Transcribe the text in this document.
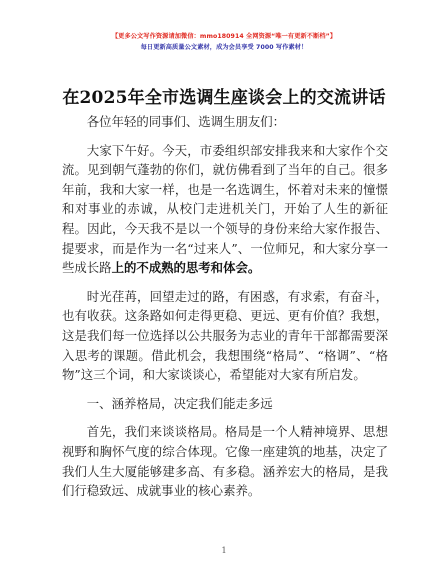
【更多公文写作资源请加微信：mmo180914 全网资源“唯一有更新不断档”】
每日更新高质量公文素材，成为会员享受 7000 写作素材！
在2025年全市选调生座谈会上的交流讲话

各位年轻的同事们、选调生朋友们：

大家下午好。今天，市委组织部安排我来和大家作个交流。见到朝气蓬勃的你们，就仿佛看到了当年的自己。很多年前，我和大家一样，也是一名选调生，怀着对未来的憧憬和对事业的赤诚，从校门走进机关门，开始了人生的新征程。因此，今天我不是以一个领导的身份来给大家作报告、提要求，而是作为一名“过来人”、一位师兄，和大家分享一些成长路上的不成熟的思考和体会。

时光荏苒，回望走过的路，有困惑，有求索，有奋斗，也有收获。这条路如何走得更稳、更远、更有价值？我想，这是我们每一位选择以公共服务为志业的青年干部都需要深入思考的课题。借此机会，我想围绕“格局”、“格调”、“格物”这三个词，和大家谈谈心，希望能对大家有所启发。

一、涵养格局，决定我们能走多远

首先，我们来谈谈格局。格局是一个人精神境界、思想视野和胸怀气度的综合体现。它像一座建筑的地基，决定了我们人生大厦能够建多高、有多稳。涵养宏大的格局，是我们行稳致远、成就事业的核心素养。

1
